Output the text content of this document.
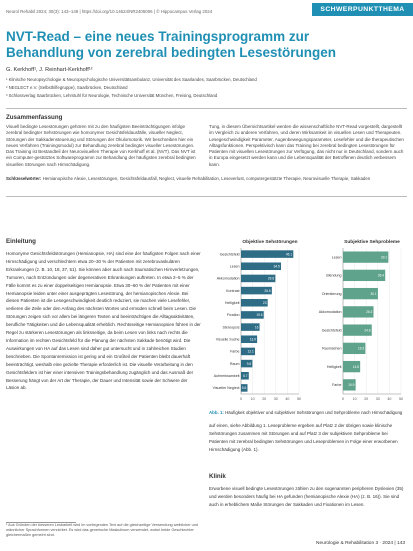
Neurol Rehabil 2024; 30(3): 143–149 | https://doi.org/10.14624/NR2405006 | © Hippocampus Verlag 2024	SCHWERPUNKTTHEMA
NVT-Read – eine neues Trainingsprogramm zur Behandlung von zerebral bedingten Lesestörungen
G. Kerkhoff¹, J. Reinhart-Kerkhoff¹²
¹ Klinische Neuropsychologie & Neuropsychologische Universitätsambulanz, Universität des Saarlandes, Saarbrücken, Deutschland
² NEGLECT e.V. (Selbsthilfegruppe), Saarbrücken, Deutschland
³ Schlossverlag Saarbrücken, Lehrstuhl für Neurologie, Technische Universität München, Freising, Deutschland
Zusammenfassung

Visuell bedingte Lesestörungen gehören mit zu den häufigsten Beeinträchtigungen infolge zerebral bedingter Sehstörungen wie homonymer Gesichtsfeldausfälle, visueller Neglect, Störungen der Sakkadensteuerung und Störungen der Okulomotorik. Wir beschreiben hier ein neues Verfahren (Trainingsmodul) zur Behandlung zerebral bedingter visueller Lesestörungen. Das Training ist Bestandteil der Neurovisuellen Therapie von Kerkhoff et al. (NVT). Das NVT ist ein Computer-gestütztes Softwareprogramm zur Behandlung der häufigsten zerebral bedingten visuellen Störungen nach Hirnschädigung.

Tung, in diesem Übersichtsartikel werden die wissenschaftliche NVT-Read vorgestellt, dargestellt im Vergleich zu anderen Verfahren, und deren Wirksamkeit im visuellen Lesen und Therapeuten. Lesegeschwindigkeit Parameter, Augenbewegungsparameter, Lesefehler und die therapeutischen Alltagsfunktionen. Perspektivisch kann das Training bei zerebral bedingten Lesestörungen für Patienten mit visuellen Lesestörungen zur Verfügung, das nicht nur in Deutschland, sondern auch in Europa eingesetzt werden kann und die Lebensqualität der Betroffenen deutlich verbessern kann.

Schlüsselwörter: Hemianopische Alexie, Lesestörungen, Gesichtsfeldausfall, Neglect, visuelle Rehabilitation, Leseverlust, computergestützte Therapie, Neurovisuelle Therapie, Sakkaden

Einleitung

Homonyme Gesichtsfeldstörungen (Hemianopsie, HA) sind eine der häufigsten Folgen nach einer Hirnschädigung und verschlechtern etwa 20–30 % der Patienten mit zerebrovaskulären Erkrankungen (z. B. 10, 18, 37, 51). Sie können aber auch nach traumatischen Hirnverletzungen, Tumoren, nach Entzündungen oder degenerativen Erkrankungen auftreten. In etwa 2–5 % der Fälle kommt es zu einer doppelseitigen Hemianopsie. Etwa 30–60 % der Patienten mit einer Hemianopsie leiden unter einer ausgeprägten Lesestörung, der hemianopischen Alexie. Bei diesen Patienten ist die Lesegeschwindigkeit deutlich reduziert, sie machen viele Lesefehler, verlieren die Zeile oder den Anfang des nächsten Wortes und ermüden schnell beim Lesen. Die Störungen zeigen sich vor allem bei längeren Texten und beeinträchtigen die Alltagsaktivitäten, berufliche Tätigkeiten und die Lebensqualität erheblich. Rechtsseitige Hemianopsien führen in der Regel zu stärkeren Lesestörungen als linksseitige, da beim Lesen von links nach rechts die Information im rechten Gesichtsfeld für die Planung der nächsten Sakkade benötigt wird. Die Auswirkungen von HA auf das Lesen sind daher gut untersucht und in zahlreichen Studien beschrieben. Die Spontanremission ist gering und ein Großteil der Patienten bleibt dauerhaft beeinträchtigt, weshalb eine gezielte Therapie erforderlich ist. Die visuelle Verarbeitung in den Gesichtsfeldern ist hier einer intensiven Trainingsbehandlung zugänglich und das Ausmaß der Besserung hängt von der Art der Therapie, der Dauer und Intensität sowie der Schwere der Läsion ab.

Objektive Sehstörungen
0 10 20 30 40 50
Gesichtsfeld	45.1
Lesen	34.5
Akkomodation	29.6
Kontrast	26.6
Helligkeit	23
Fixation	19.6
Stereopsis	16
Visuelle Suche	13.9
Farbe	12.1
Raum 9.8
Aufmerksamkeit 6.7
Visueller Neglect 5.6
Subjektive Sehprobleme
0 10 20 30 40 50
Lesen	39.1
Blendung	36.4
Orientierung	30.1
Akkomodation	26.3
Gesichtsfeld	24.8
Raumsehen	19.3
Helligkeit	14.8
Farbe 10.9

Abb. 1: Häufigkeit objektiver und subjektiver Sehstörungen und Sehprobleme nach Hirnschädigung

auf einen, siehe Abbildung 1. Leseprobleme ergeben auf Platz 2 der übrigen sowie klinische Sehstörungen zusammen mit Störungen und auf Platz 3 der subjektiven Sehprobleme bei Patienten mit zerebral bedingten Sehstörungen und Leseproblemen in Folge einer erworbenen Hirnschädigung (Abb. 1).

Klinik

Erworbene visuell bedingte Lesestörungen zählen zu den sogenannten peripheren Dyslexien (35) und werden besonders häufig bei HA gefunden (hemianopische Alexie (HA) (z. B. 16)). Sie sind auch in erheblichem Maße Störungen der Sakkaden und Fixationen im Lesen.

¹ Aus Gründen der besseren Lesbarkeit wird im vorliegenden Text auf die gleichzeitige Verwendung weiblicher und männlicher Sprachformen verzichtet. Es wird das generische Maskulinum verwendet, wobei beide Geschlechter gleichermaßen gemeint sind.

Neurologie & Rehabilitation 3 · 2024 | 143
